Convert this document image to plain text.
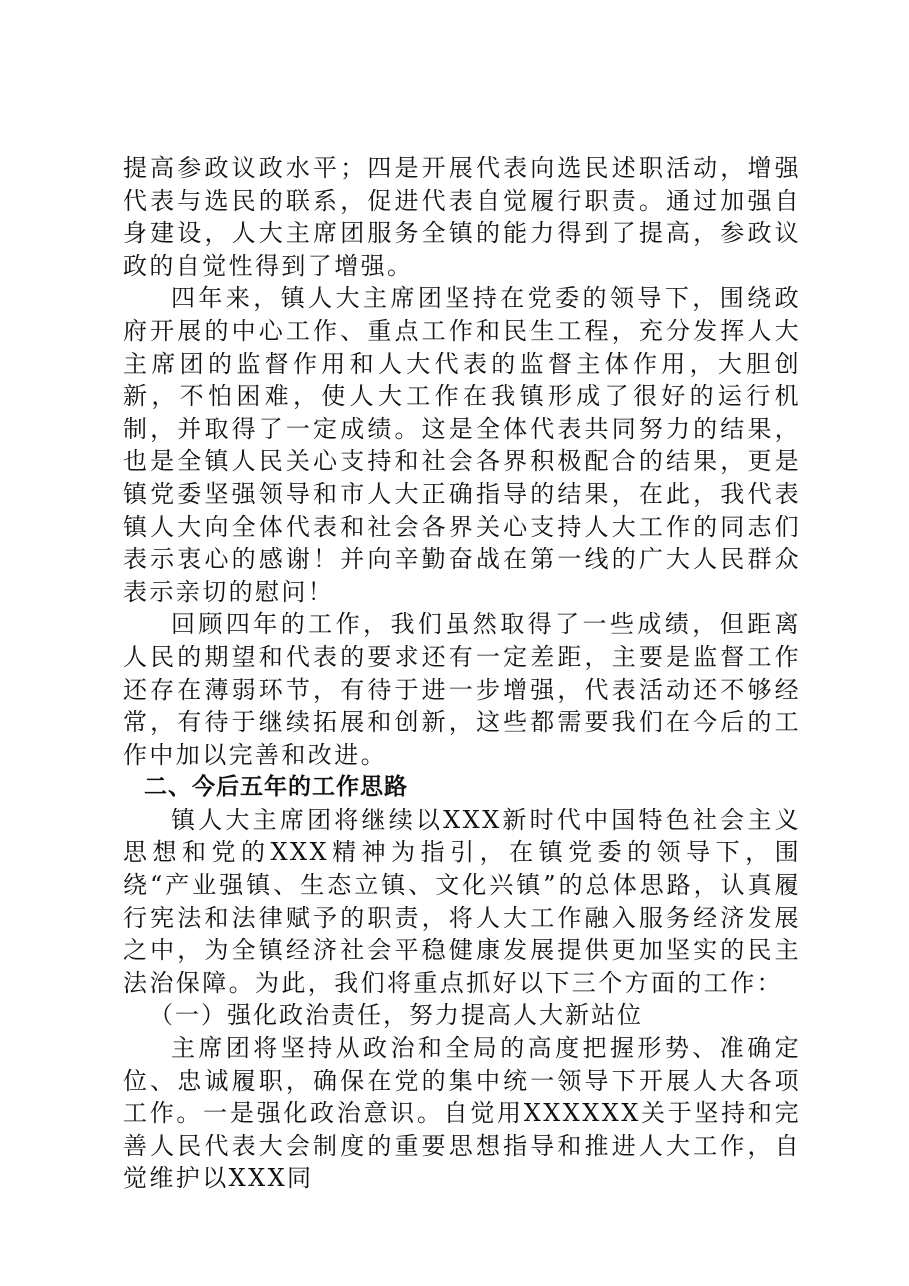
提高参政议政水平；四是开展代表向选民述职活动，增强代表与选民的联系，促进代表自觉履行职责。通过加强自身建设，人大主席团服务全镇的能力得到了提高，参政议政的自觉性得到了增强。

四年来，镇人大主席团坚持在党委的领导下，围绕政府开展的中心工作、重点工作和民生工程，充分发挥人大主席团的监督作用和人大代表的监督主体作用，大胆创新，不怕困难，使人大工作在我镇形成了很好的运行机制，并取得了一定成绩。这是全体代表共同努力的结果，也是全镇人民关心支持和社会各界积极配合的结果，更是镇党委坚强领导和市人大正确指导的结果，在此，我代表镇人大向全体代表和社会各界关心支持人大工作的同志们表示衷心的感谢！并向辛勤奋战在第一线的广大人民群众表示亲切的慰问！

回顾四年的工作，我们虽然取得了一些成绩，但距离人民的期望和代表的要求还有一定差距，主要是监督工作还存在薄弱环节，有待于进一步增强，代表活动还不够经常，有待于继续拓展和创新，这些都需要我们在今后的工作中加以完善和改进。

二、今后五年的工作思路

镇人大主席团将继续以XXX新时代中国特色社会主义思想和党的XXX精神为指引，在镇党委的领导下，围绕“产业强镇、生态立镇、文化兴镇”的总体思路，认真履行宪法和法律赋予的职责，将人大工作融入服务经济发展之中，为全镇经济社会平稳健康发展提供更加坚实的民主法治保障。为此，我们将重点抓好以下三个方面的工作：

（一）强化政治责任，努力提高人大新站位

主席团将坚持从政治和全局的高度把握形势、准确定位、忠诚履职，确保在党的集中统一领导下开展人大各项工作。一是强化政治意识。自觉用XXXXXX关于坚持和完善人民代表大会制度的重要思想指导和推进人大工作，自觉维护以XXX同
